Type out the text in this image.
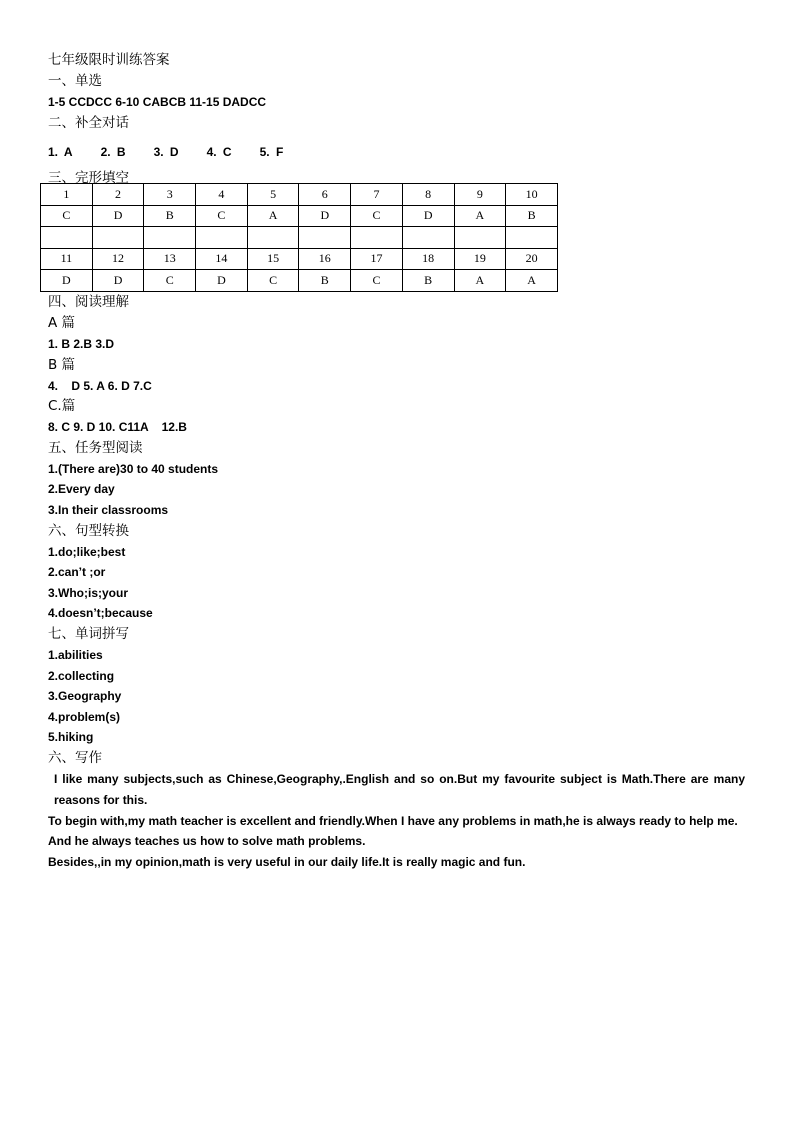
七年级限时训练答案
一、单选
1-5 CCDCC 6-10 CABCB 11-15 DADCC
二、补全对话
1. A 2. B 3. D 4. C 5. F
三、完形填空
1	2	3	4	5	6	7	8	9	10
C	D	B	C	A	D	C	D	A	B

11	12	13	14	15	16	17	18	19	20
D	D	C	D	C	B	C	B	A	A
四、阅读理解
A 篇
1. B 2.B 3.D
B 篇
4.    D 5. A 6. D 7.C
C.篇
8. C 9. D 10. C11A    12.B
五、任务型阅读
1.(There are)30 to 40 students
2.Every day
3.In their classrooms
六、句型转换
1.do;like;best
2.can’t ;or
3.Who;is;your
4.doesn’t;because
七、单词拼写
1.abilities
2.collecting
3.Geography
4.problem(s)
5.hiking
六、写作

I like many subjects,such as Chinese,Geography,.English and so on.But my favourite subject is Math.There are many reasons for this.

To begin with,my math teacher is excellent and friendly.When I have any problems in math,he is always ready to help me.

And he always teaches us how to solve math problems.

Besides,,in my opinion,math is very useful in our daily life.It is really magic and fun.
